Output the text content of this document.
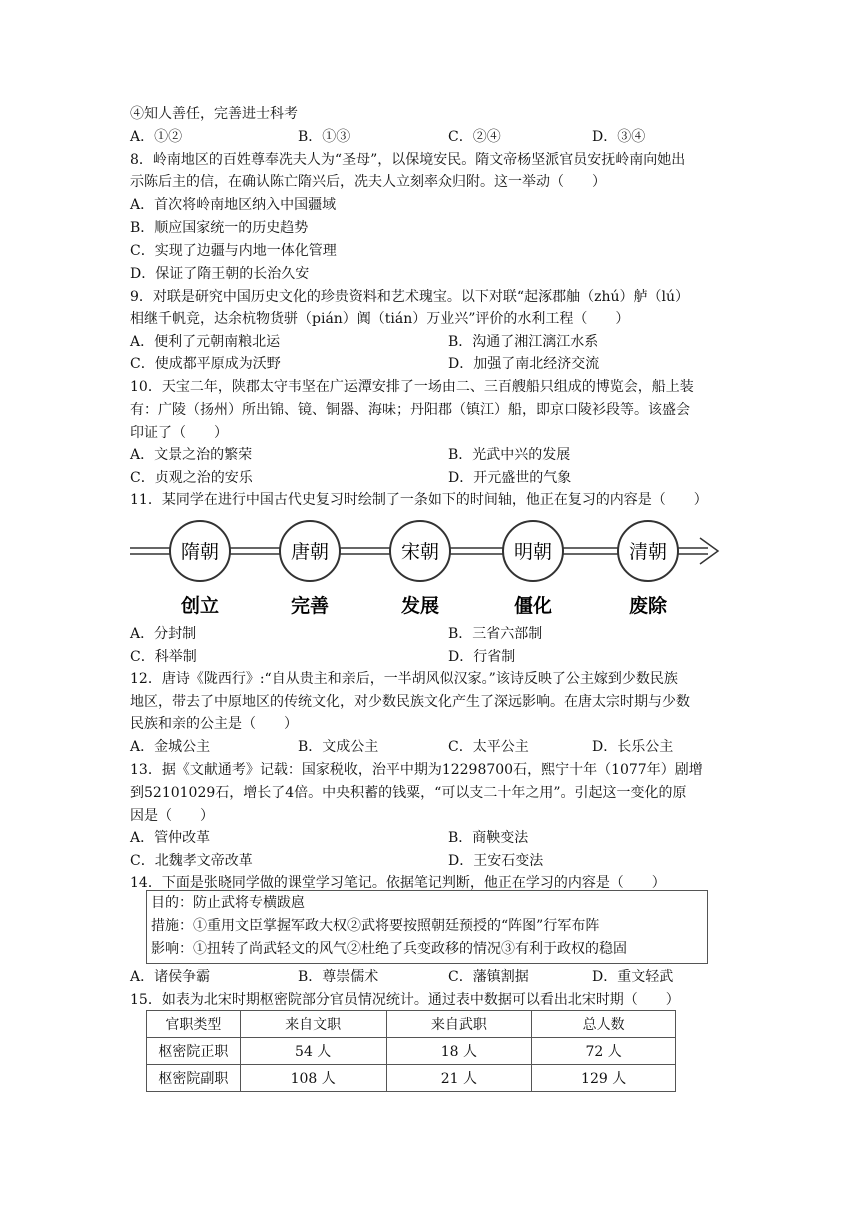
④知人善任，完善进士科考
8．岭南地区的百姓尊奉冼夫人为“圣母”，以保境安民。隋文帝杨坚派官员安抚岭南向她出
示陈后主的信，在确认陈亡隋兴后，冼夫人立刻率众归附。这一举动（　　）
A．首次将岭南地区纳入中国疆域
B．顺应国家统一的历史趋势
C．实现了边疆与内地一体化管理
D．保证了隋王朝的长治久安
9．对联是研究中国历史文化的珍贵资料和艺术瑰宝。以下对联“起涿郡舳（zhú）舻（lú）
相继千帆竞，达余杭物货骈（pián）阗（tián）万业兴”评价的水利工程（　　）
10．天宝二年，陕郡太守韦坚在广运潭安排了一场由二、三百艘船只组成的博览会，船上装
有：广陵（扬州）所出锦、镜、铜器、海味；丹阳郡（镇江）船，即京口陵衫段等。该盛会
印证了（　　）
11．某同学在进行中国古代史复习时绘制了一条如下的时间轴，他正在复习的内容是（　　）
12．唐诗《陇西行》:“自从贵主和亲后，一半胡风似汉家。”该诗反映了公主嫁到少数民族
地区，带去了中原地区的传统文化，对少数民族文化产生了深远影响。在唐太宗时期与少数
民族和亲的公主是（　　）
13．据《文献通考》记载：国家税收，治平中期为12298700石，熙宁十年（1077年）剧增
到52101029石，增长了4倍。中央积蓄的钱粟，“可以支二十年之用”。引起这一变化的原
因是（　　）
14．下面是张晓同学做的课堂学习笔记。依据笔记判断，他正在学习的内容是（　　）
15．如表为北宋时期枢密院部分官员情况统计。通过表中数据可以看出北宋时期（　　）
A．①②	B．①③	C．②④	D．③④
A．便利了元朝南粮北运	B．沟通了湘江漓江水系
C．使成都平原成为沃野	D．加强了南北经济交流
A．文景之治的繁荣	B．光武中兴的发展
C．贞观之治的安乐	D．开元盛世的气象
A．分封制	B．三省六部制
C．科举制	D．行省制
A．金城公主	B．文成公主	C．太平公主	D．长乐公主
A．管仲改革	B．商鞅变法
C．北魏孝文帝改革	D．王安石变法
A．诸侯争霸	B．尊崇儒术	C．藩镇割据	D．重文轻武
隋朝
创立
唐朝
完善
宋朝
发展
明朝
僵化
清朝
废除
目的：防止武将专横跋扈
措施：①重用文臣掌握军政大权②武将要按照朝廷预授的“阵图”行军布阵
影响：①扭转了尚武轻文的风气②杜绝了兵变政移的情况③有利于政权的稳固
官职类型	来自文职	来自武职	总人数
枢密院正职	54 人	18 人	72 人
枢密院副职	108 人	21 人	129 人
